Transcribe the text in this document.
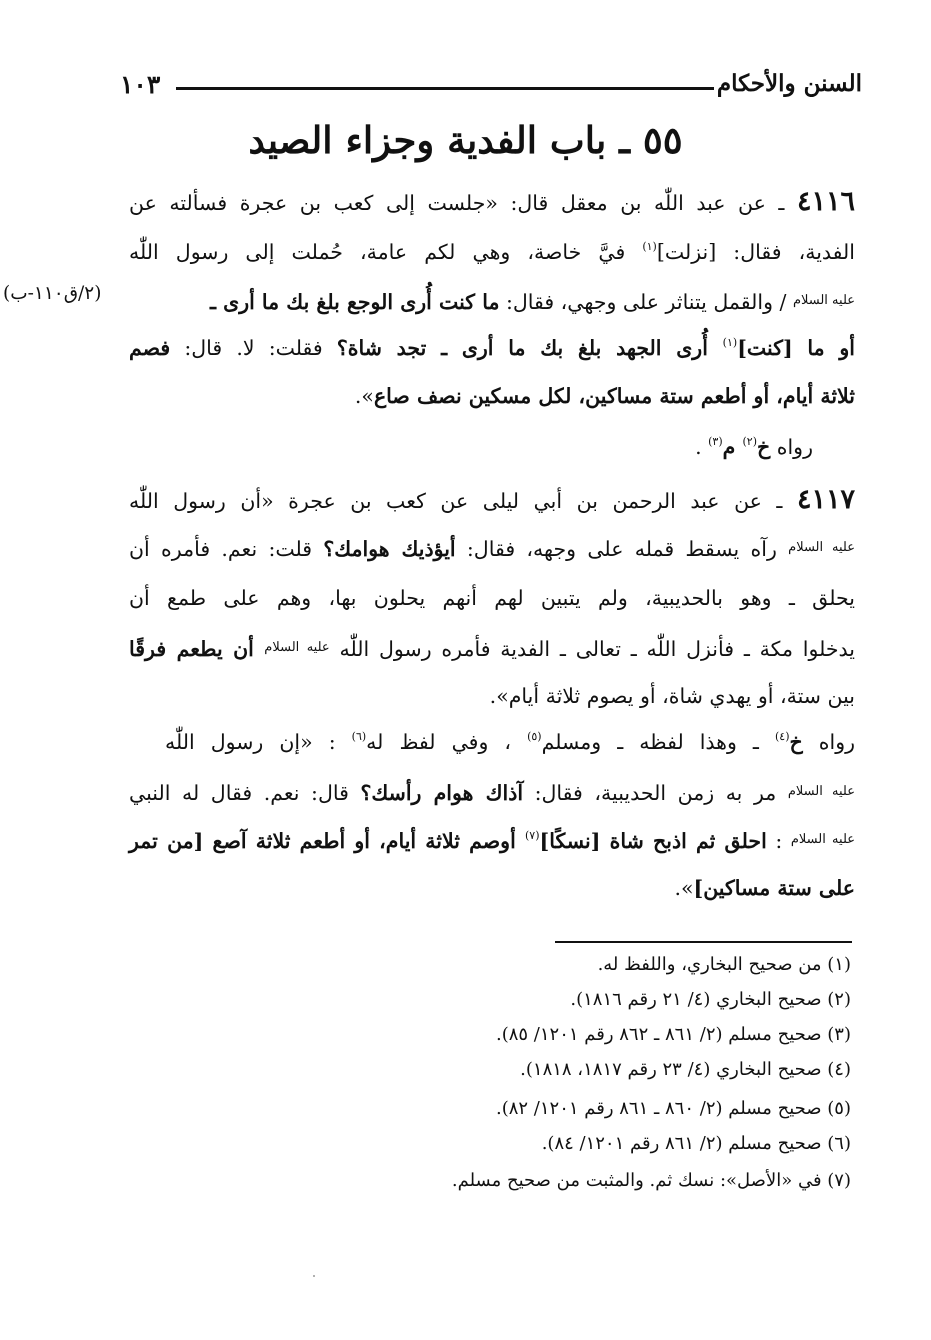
السنن والأحكام
١٠٣
٥٥ ـ باب الفدية وجزاء الصيد
٤١١٦ ـ عن عبد اللّٰه بن معقل قال: «جلست إلى كعب بن عجرة فسألته عن
الفدية، فقال: [نزلت]$^{(١)}$ فيَّ خاصة، وهي لكم عامة، حُملت إلى رسول اللّٰه
$^{عليه السلام}$ / والقمل يتناثر على وجهي، فقال: ما كنت أُرى الوجع بلغ بك ما أرى ـ
(٢/ق١١٠-ب)
أو ما [كنت]$^{(١)}$ أُرى الجهد بلغ بك ما أرى ـ تجد شاة؟ فقلت: لا. قال: فصم
ثلاثة أيام، أو أطعم ستة مساكين، لكل مسكين نصف صاع».
رواه خ$^{(٢)}$ م$^{(٣)}$ .
٤١١٧ ـ عن عبد الرحمن بن أبي ليلى عن كعب بن عجرة «أن رسول اللّٰه
$^{عليه السلام}$ رآه يسقط قمله على وجهه، فقال: أيؤذيك هوامك؟ قلت: نعم. فأمره أن
يحلق ـ وهو بالحديبية، ولم يتبين لهم أنهم يحلون بها، وهم على طمع أن
يدخلوا مكة ـ فأنزل اللّٰه ـ تعالى ـ الفدية فأمره رسول اللّٰه $^{عليه السلام}$ أن يطعم فرقًا
بين ستة، أو يهدي شاة، أو يصوم ثلاثة أيام».
رواه خ$^{(٤)}$ ـ وهذا لفظه ـ ومسلم$^{(٥)}$ ، وفي لفظ له$^{(٦)}$ : «إن رسول اللّٰه
$^{عليه السلام}$ مر به زمن الحديبية، فقال: آذاك هوام رأسك؟ قال: نعم. فقال له النبي
$^{عليه السلام}$ : احلق ثم اذبح شاة [نسكًا]$^{(٧)}$ أوصم ثلاثة أيام، أو أطعم ثلاثة آصع [من تمر
على ستة مساكين]».
(١) من صحيح البخاري، واللفظ له.
(٢) صحيح البخاري (٤/ ٢١ رقم ١٨١٦).
(٣) صحيح مسلم (٢/ ٨٦١ ـ ٨٦٢ رقم ١٢٠١/ ٨٥).
(٤) صحيح البخاري (٤/ ٢٣ رقم ١٨١٧، ١٨١٨).
(٥) صحيح مسلم (٢/ ٨٦٠ ـ ٨٦١ رقم ١٢٠١/ ٨٢).
(٦) صحيح مسلم (٢/ ٨٦١ رقم ١٢٠١/ ٨٤).
(٧) في «الأصل»: نسك ثم. والمثبت من صحيح مسلم.
